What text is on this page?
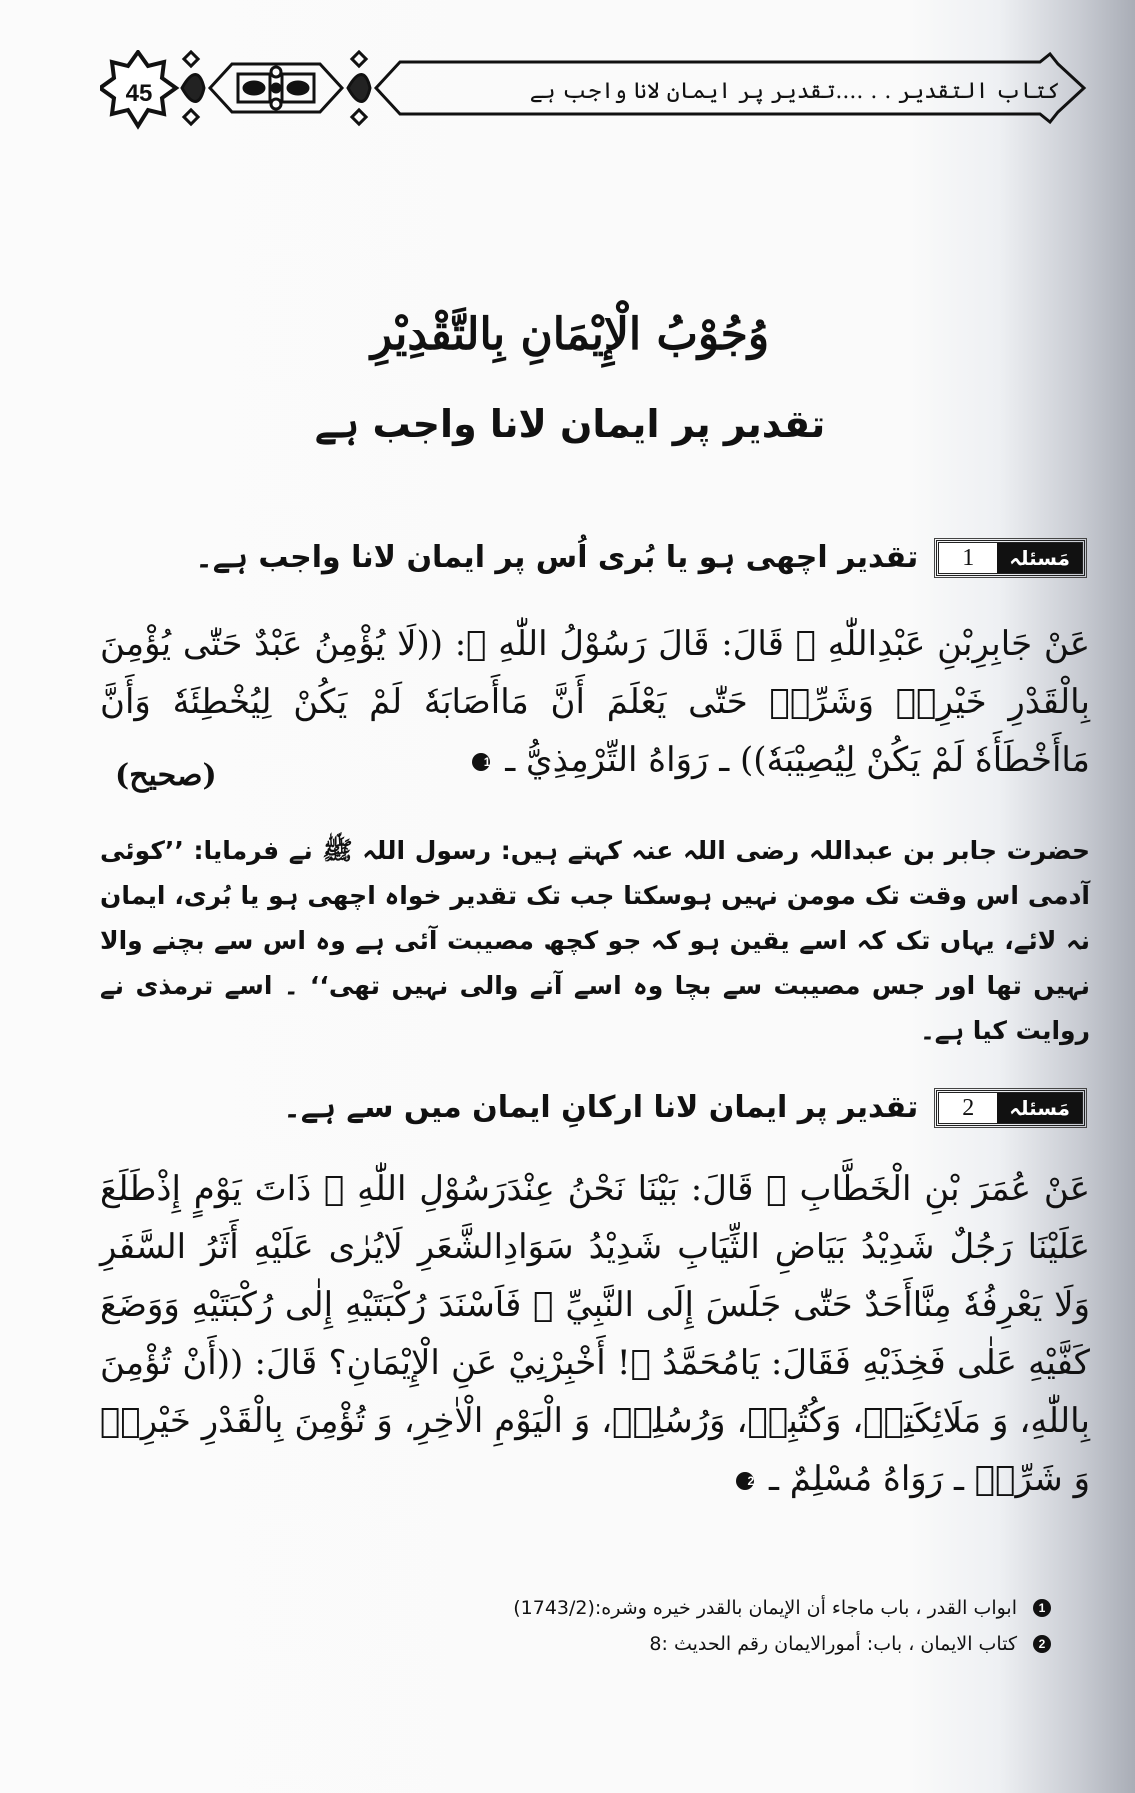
45	كتاب التقدير . . ....تقدیر پر ایمان لانا واجب ہے
وُجُوْبُ الْإِيْمَانِ بِالتَّقْدِيْرِ
تقدیر پر ایمان لانا واجب ہے
مَسئلہ
1
تقدیر اچھی ہو یا بُری اُس پر ایمان لانا واجب ہے۔
عَنْ جَابِرِبْنِ عَبْدِاللّٰهِ ﷺ قَالَ: قَالَ رَسُوْلُ اللّٰهِ ﷺ: ((لَا يُؤْمِنُ عَبْدٌ حَتّٰى يُؤْمِنَ بِالْقَدْرِ خَيْرِهٖ وَشَرِّهٖ حَتّٰى يَعْلَمَ أَنَّ مَاأَصَابَهٗ لَمْ يَكُنْ لِيُخْطِئَهٗ وَأَنَّ مَاأَخْطَأَهٗ لَمْ يَكُنْ لِيُصِيْبَهٗ)) ـ رَوَاهُ التِّرْمِذِيُّ ـ 1
(صحيح)
حضرت جابر بن عبداللہ رضی اللہ عنہ کہتے ہیں: رسول اللہ ﷺ نے فرمایا: ’’کوئی آدمی اس وقت تک مومن نہیں ہوسکتا جب تک تقدیر خواہ اچھی ہو یا بُری، ایمان نہ لائے، یہاں تک کہ اسے یقین ہو کہ جو کچھ مصیبت آئی ہے وہ اس سے بچنے والا نہیں تھا اور جس مصیبت سے بچا وہ اسے آنے والی نہیں تھی‘‘ ۔ اسے ترمذی نے روایت کیا ہے۔
مَسئلہ
2
تقدیر پر ایمان لانا ارکانِ ایمان میں سے ہے۔
عَنْ عُمَرَ بْنِ الْخَطَّابِ ﷺ قَالَ: بَيْنَا نَحْنُ عِنْدَرَسُوْلِ اللّٰهِ ﷺ ذَاتَ يَوْمٍ إِذْطَلَعَ عَلَيْنَا رَجُلٌ شَدِيْدُ بَيَاضِ الثِّيَابِ شَدِيْدُ سَوَادِالشَّعَرِ لَايُرٰى عَلَيْهِ أَثَرُ السَّفَرِ وَلَا يَعْرِفُهٗ مِنَّاأَحَدٌ حَتّٰى جَلَسَ إِلَى النَّبِيِّ ﷺ فَاَسْنَدَ رُكْبَتَيْهِ إِلٰى رُكْبَتَيْهِ وَوَضَعَ كَفَّيْهِ عَلٰى فَخِذَيْهِ فَقَالَ: يَامُحَمَّدُ ﷺ! أَخْبِرْنِيْ عَنِ الْإِيْمَانِ؟ قَالَ: ((أَنْ تُؤْمِنَ بِاللّٰهِ، وَ مَلَائِكَتِهٖ، وَكُتُبِهٖ، وَرُسُلِهٖ، وَ الْيَوْمِ الْاٰخِرِ، وَ تُؤْمِنَ بِالْقَدْرِ خَيْرِهٖ وَ شَرِّهٖ ـ رَوَاهُ مُسْلِمٌ ـ 2
1
ابواب القدر ، باب ماجاء أن الإيمان بالقدر خيره وشره:(1743/2)
2
كتاب الايمان ، باب: أمورالايمان رقم الحديث :8
